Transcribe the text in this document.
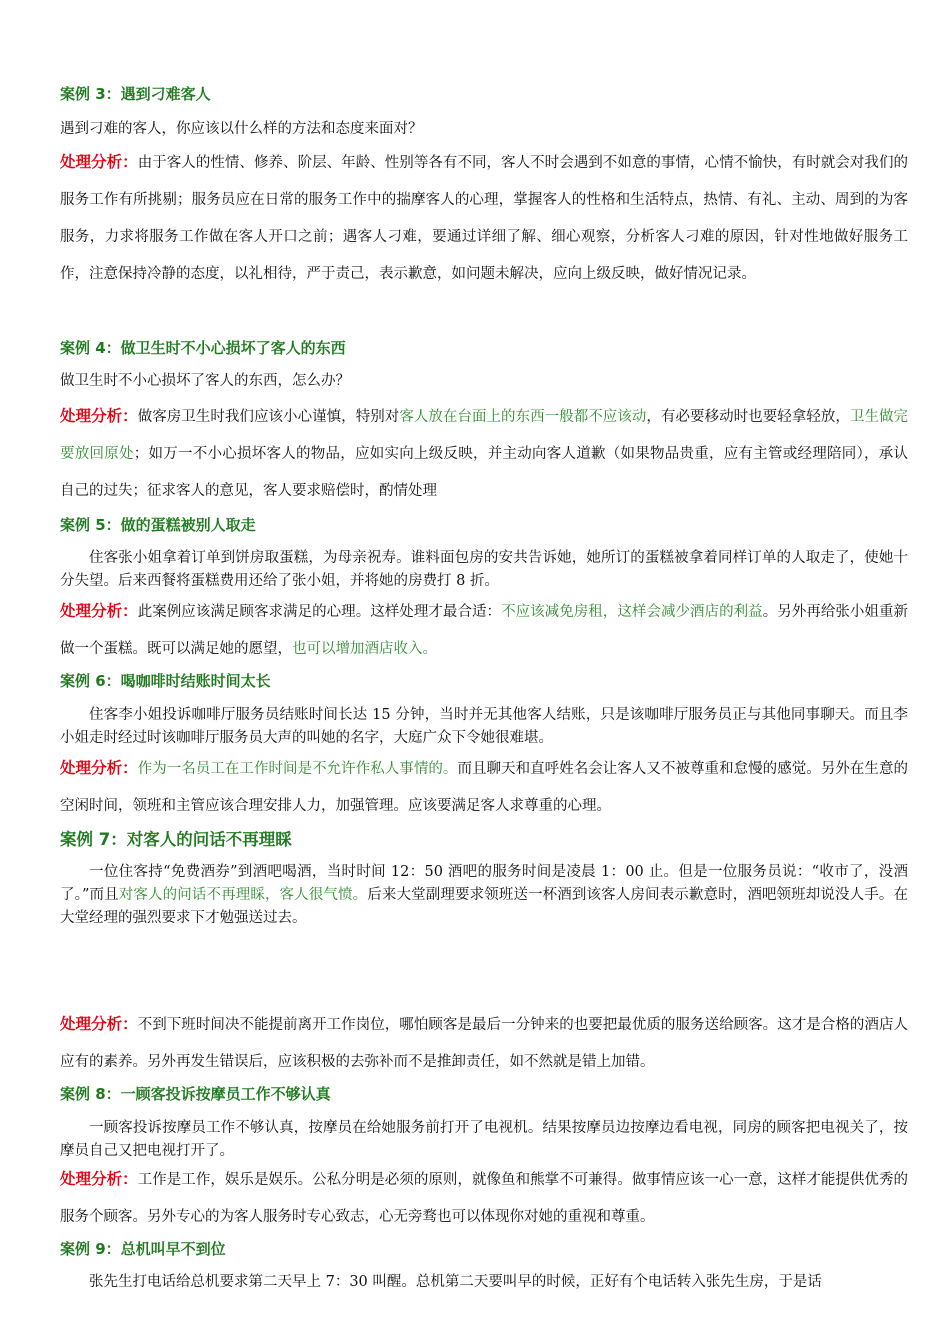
案例 3：遇到刁难客人

遇到刁难的客人，你应该以什么样的方法和态度来面对？

处理分析：由于客人的性情、修养、阶层、年龄、性别等各有不同，客人不时会遇到不如意的事情，心情不愉快，有时就会对我们的服务工作有所挑剔；服务员应在日常的服务工作中的揣摩客人的心理，掌握客人的性格和生活特点，热情、有礼、主动、周到的为客服务，力求将服务工作做在客人开口之前；遇客人刁难，要通过详细了解、细心观察，分析客人刁难的原因，针对性地做好服务工作，注意保持冷静的态度，以礼相待，严于责己，表示歉意，如问题未解决，应向上级反映，做好情况记录。

案例 4：做卫生时不小心损坏了客人的东西

做卫生时不小心损坏了客人的东西，怎么办？

处理分析：做客房卫生时我们应该小心谨慎，特别对客人放在台面上的东西一般都不应该动，有必要移动时也要轻拿轻放，卫生做完要放回原处；如万一不小心损坏客人的物品，应如实向上级反映，并主动向客人道歉（如果物品贵重，应有主管或经理陪同），承认自己的过失；征求客人的意见，客人要求赔偿时，酌情处理

案例 5：做的蛋糕被别人取走

住客张小姐拿着订单到饼房取蛋糕，为母亲祝寿。谁料面包房的安共告诉她，她所订的蛋糕被拿着同样订单的人取走了，使她十分失望。后来西餐将蛋糕费用还给了张小姐，并将她的房费打 8 折。

处理分析：此案例应该满足顾客求满足的心理。这样处理才最合适：不应该减免房租，这样会减少酒店的利益。另外再给张小姐重新做一个蛋糕。既可以满足她的愿望，也可以增加酒店收入。

案例 6：喝咖啡时结账时间太长

住客李小姐投诉咖啡厅服务员结账时间长达 15 分钟，当时并无其他客人结账，只是该咖啡厅服务员正与其他同事聊天。而且李小姐走时经过时该咖啡厅服务员大声的叫她的名字，大庭广众下令她很难堪。

处理分析：作为一名员工在工作时间是不允许作私人事情的。而且聊天和直呼姓名会让客人又不被尊重和怠慢的感觉。另外在生意的空闲时间，领班和主管应该合理安排人力，加强管理。应该要满足客人求尊重的心理。

案例 7：对客人的问话不再理睬

一位住客持“免费酒券”到酒吧喝酒，当时时间 12：50 酒吧的服务时间是凌晨 1：00 止。但是一位服务员说：“收市了，没酒了。”而且对客人的问话不再理睬，客人很气愤。后来大堂副理要求领班送一杯酒到该客人房间表示歉意时，酒吧领班却说没人手。在大堂经理的强烈要求下才勉强送过去。

处理分析：不到下班时间决不能提前离开工作岗位，哪怕顾客是最后一分钟来的也要把最优质的服务送给顾客。这才是合格的酒店人应有的素养。另外再发生错误后，应该积极的去弥补而不是推卸责任，如不然就是错上加错。

案例 8：一顾客投诉按摩员工作不够认真

一顾客投诉按摩员工作不够认真，按摩员在给她服务前打开了电视机。结果按摩员边按摩边看电视，同房的顾客把电视关了，按摩员自己又把电视打开了。

处理分析：工作是工作，娱乐是娱乐。公私分明是必须的原则，就像鱼和熊掌不可兼得。做事情应该一心一意，这样才能提供优秀的服务个顾客。另外专心的为客人服务时专心致志，心无旁骛也可以体现你对她的重视和尊重。

案例 9：总机叫早不到位

张先生打电话给总机要求第二天早上 7：30 叫醒。总机第二天要叫早的时候，正好有个电话转入张先生房，于是话
